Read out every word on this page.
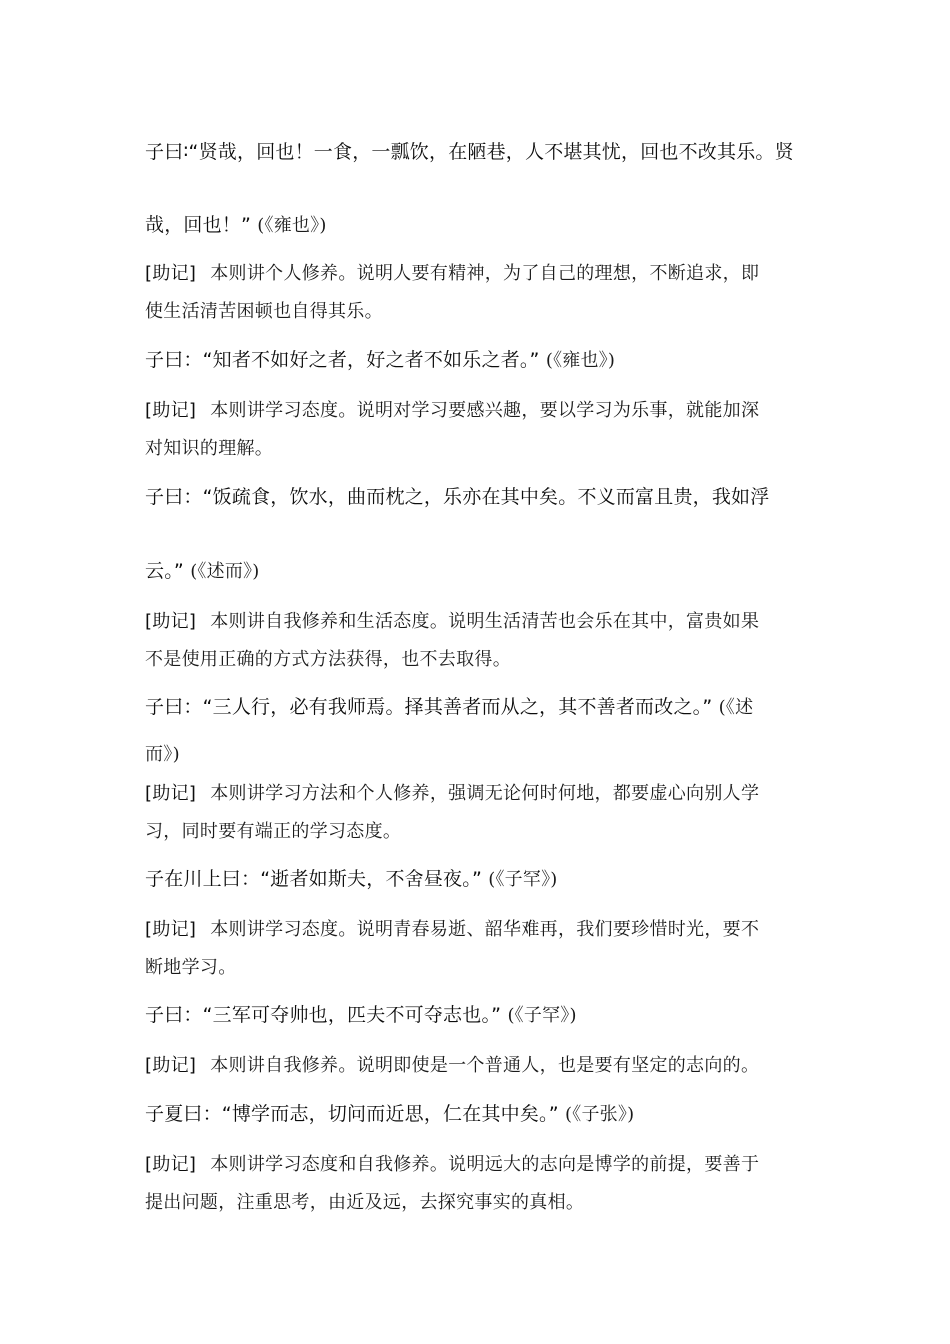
子曰∶“贤哉，回也！一食，一瓢饮，在陋巷，人不堪其忧，回也不改其乐。贤
哉，回也！” (《雍也》)
[助记] 本则讲个人修养。说明人要有精神，为了自己的理想，不断追求，即
使生活清苦困顿也自得其乐。
子曰：“知者不如好之者，好之者不如乐之者。” (《雍也》)
[助记] 本则讲学习态度。说明对学习要感兴趣，要以学习为乐事，就能加深
对知识的理解。
子曰：“饭疏食，饮水，曲而枕之，乐亦在其中矣。不义而富且贵，我如浮
云。” (《述而》)
[助记] 本则讲自我修养和生活态度。说明生活清苦也会乐在其中，富贵如果
不是使用正确的方式方法获得，也不去取得。
子曰：“三人行，必有我师焉。择其善者而从之，其不善者而改之。” (《述
而》)
[助记] 本则讲学习方法和个人修养，强调无论何时何地，都要虚心向别人学
习，同时要有端正的学习态度。
子在川上曰：“逝者如斯夫，不舍昼夜。” (《子罕》)
[助记] 本则讲学习态度。说明青春易逝、韶华难再，我们要珍惜时光，要不
断地学习。
子曰：“三军可夺帅也，匹夫不可夺志也。” (《子罕》)
[助记] 本则讲自我修养。说明即使是一个普通人，也是要有坚定的志向的。
子夏曰：“博学而志，切问而近思，仁在其中矣。” (《子张》)
[助记] 本则讲学习态度和自我修养。说明远大的志向是博学的前提，要善于
提出问题，注重思考，由近及远，去探究事实的真相。
